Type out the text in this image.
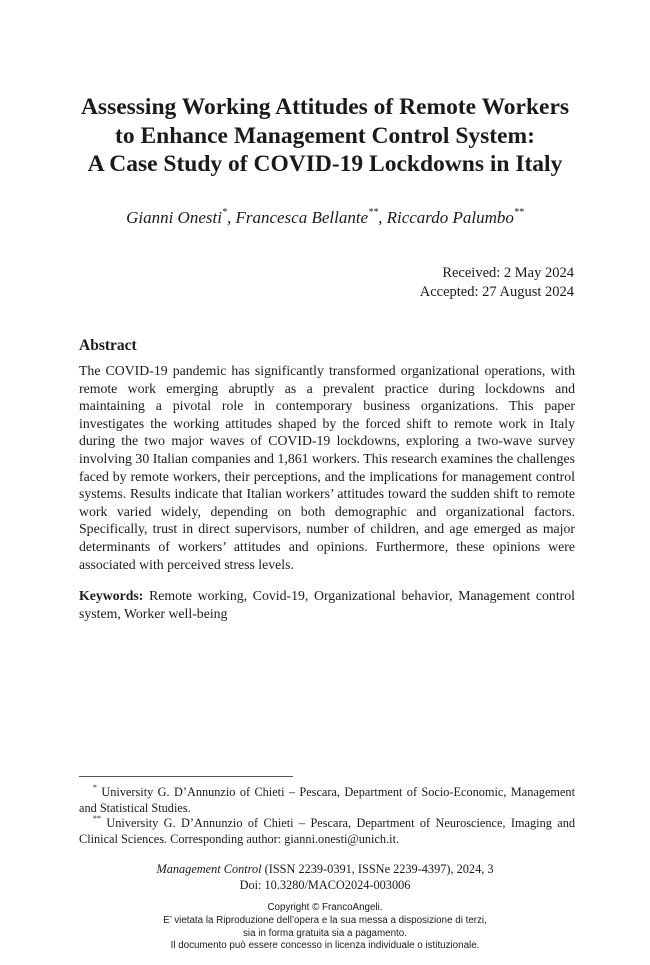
Assessing Working Attitudes of Remote Workers
to Enhance Management Control System:
A Case Study of COVID-19 Lockdowns in Italy
Gianni Onesti*, Francesca Bellante**, Riccardo Palumbo**
Received: 2 May 2024
Accepted: 27 August 2024
Abstract

The COVID-19 pandemic has significantly transformed organizational operations, with remote work emerging abruptly as a prevalent practice during lockdowns and maintaining a pivotal role in contemporary business organizations. This paper investigates the working attitudes shaped by the forced shift to remote work in Italy during the two major waves of COVID-19 lockdowns, exploring a two-wave survey involving 30 Italian companies and 1,861 workers. This research examines the challenges faced by remote workers, their perceptions, and the implications for management control systems. Results indicate that Italian workers’ attitudes toward the sudden shift to remote work varied widely, depending on both demographic and organizational factors. Specifically, trust in direct supervisors, number of children, and age emerged as major determinants of workers’ attitudes and opinions. Furthermore, these opinions were associated with perceived stress levels.

Keywords: Remote working, Covid-19, Organizational behavior, Management control system, Worker well-being

* University G. D’Annunzio of Chieti – Pescara, Department of Socio-Economic, Management and Statistical Studies.

** University G. D’Annunzio of Chieti – Pescara, Department of Neuroscience, Imaging and Clinical Sciences. Corresponding author: gianni.onesti@unich.it.

Management Control (ISSN 2239-0391, ISSNe 2239-4397), 2024, 3
Doi: 10.3280/MACO2024-003006
Copyright © FrancoAngeli.
E’ vietata la Riproduzione dell’opera e la sua messa a disposizione di terzi,
sia in forma gratuita sia a pagamento.
Il documento può essere concesso in licenza individuale o istituzionale.
